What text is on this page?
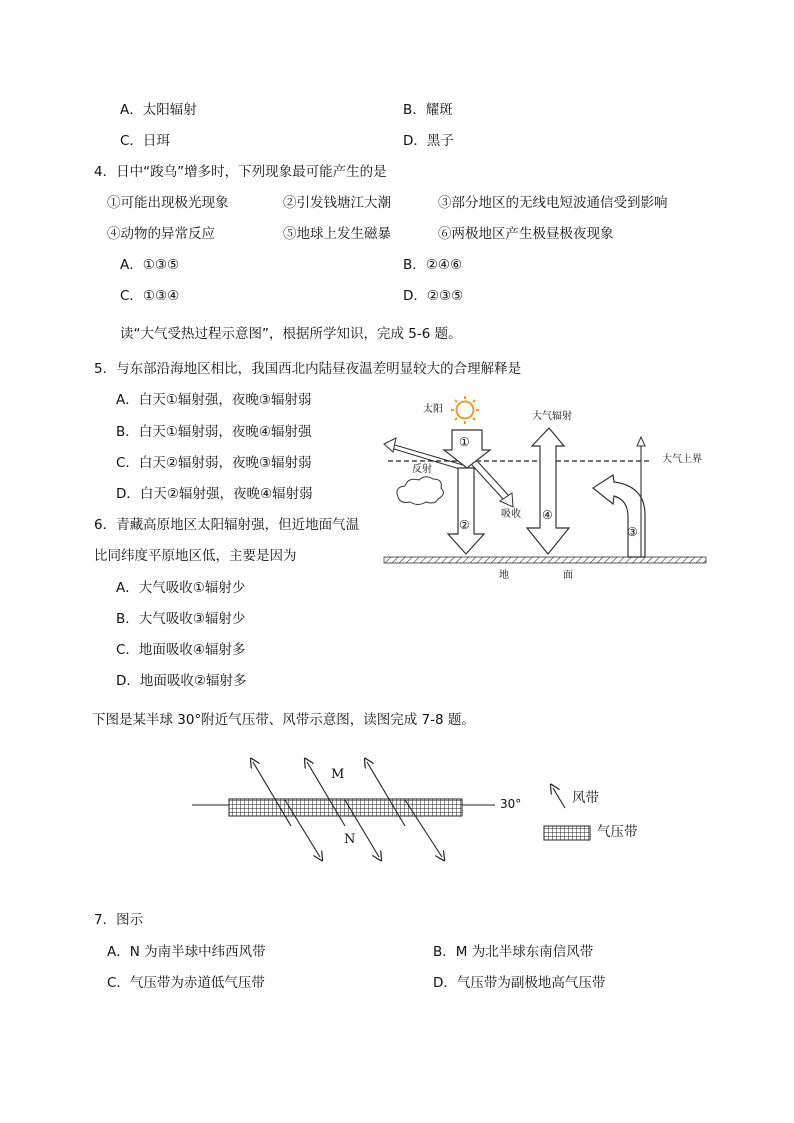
A．太阳辐射	B．耀斑
C．日珥	D．黑子
4．日中“踆乌”增多时，下列现象最可能产生的是
①可能出现极光现象	②引发钱塘江大潮	③部分地区的无线电短波通信受到影响
④动物的异常反应	⑤地球上发生磁暴	⑥两极地区产生极昼极夜现象
A．①③⑤	B．②④⑥
C．①③④	D．②③⑤
读“大气受热过程示意图”，根据所学知识，完成 5-6 题。
5．与东部沿海地区相比，我国西北内陆昼夜温差明显较大的合理解释是
A．白天①辐射强，夜晚③辐射弱
B．白天①辐射弱，夜晚④辐射强
C．白天②辐射弱，夜晚③辐射弱
D．白天②辐射强，夜晚④辐射弱
6．青藏高原地区太阳辐射强，但近地面气温
比同纬度平原地区低，主要是因为
A．大气吸收①辐射少
B．大气吸收③辐射少
C．地面吸收④辐射多
D．地面吸收②辐射多
太阳
大气辐射
反射
吸收
大气上界
①
②	③
④
地	面
下图是某半球 30°附近气压带、风带示意图，读图完成 7-8 题。
M
N
30°	风带
气压带
7．图示
A．N 为南半球中纬西风带	B．M 为北半球东南信风带
C．气压带为赤道低气压带	D．气压带为副极地高气压带
